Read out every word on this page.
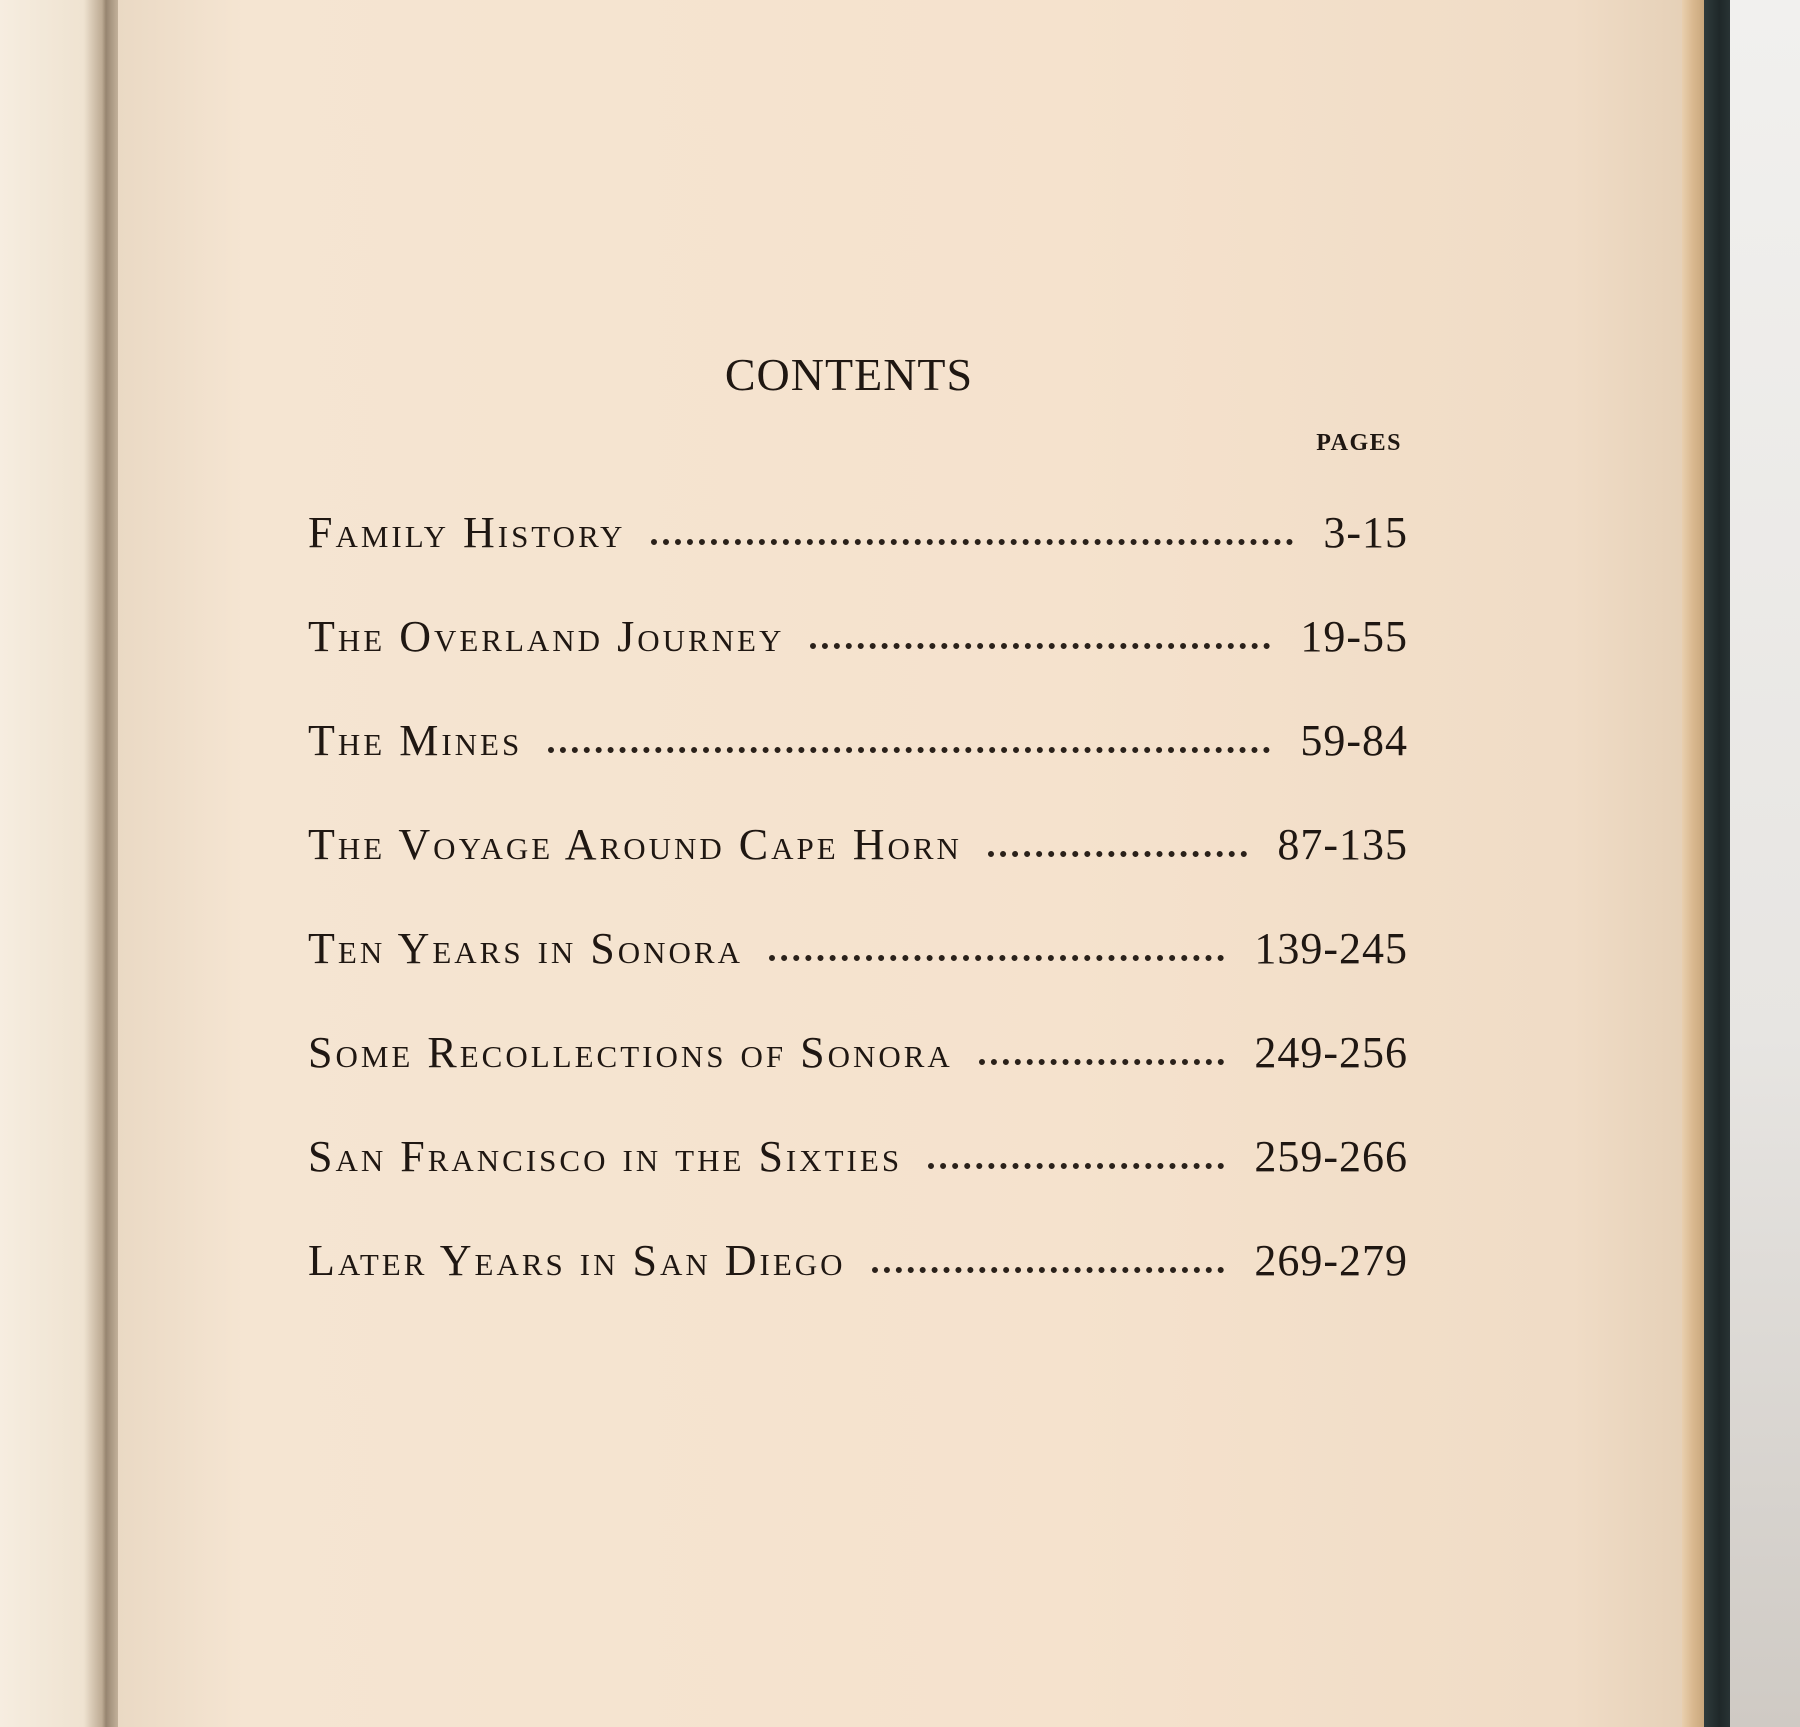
CONTENTS
PAGES
Family History	3-15
The Overland Journey	19-55
The Mines	59-84
The Voyage Around Cape Horn	87-135
Ten Years in Sonora	139-245
Some Recollections of Sonora	249-256
San Francisco in the Sixties	259-266
Later Years in San Diego	269-279
